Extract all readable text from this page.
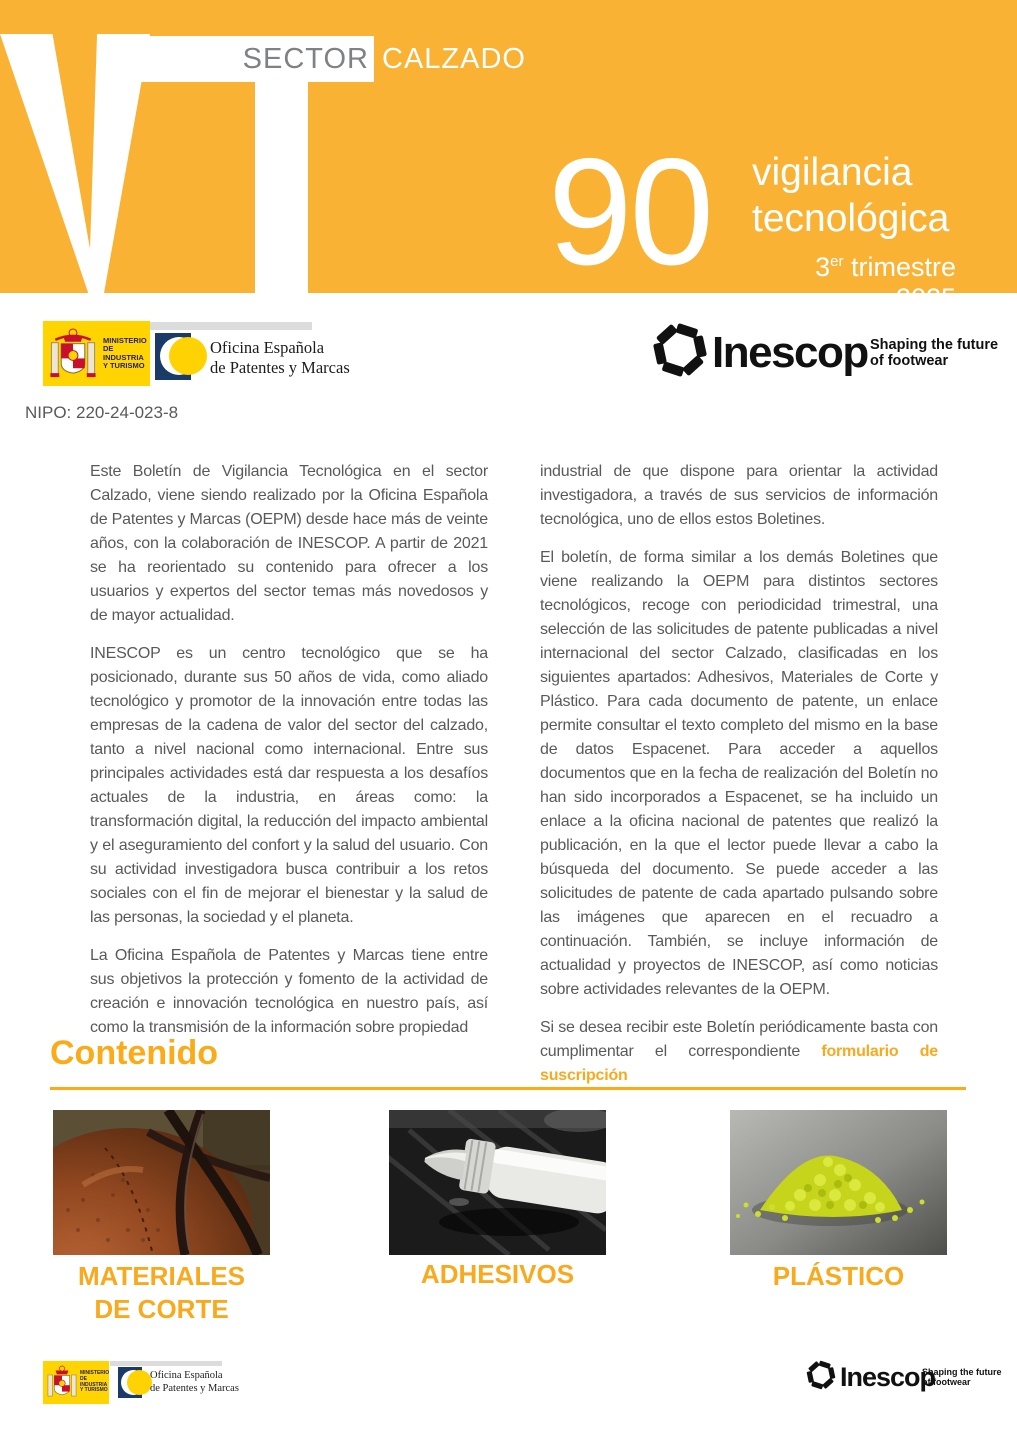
SECTOR CALZADO
90 vigilancia
tecnológica
3er trimestre 2025
MINISTERIO
DE INDUSTRIA
Y TURISMO
Oficina Española
de Patentes y Marcas	Inescop Shaping the future
of footwear
NIPO: 220-24-023-8

Este Boletín de Vigilancia Tecnológica en el sector Calzado, viene siendo realizado por la Oficina Española de Patentes y Marcas (OEPM) desde hace más de veinte años, con la colaboración de INESCOP. A partir de 2021 se ha reorientado su contenido para ofrecer a los usuarios y expertos del sector temas más novedosos y de mayor actualidad.

INESCOP es un centro tecnológico que se ha posicionado, durante sus 50 años de vida, como aliado tecnológico y promotor de la innovación entre todas las empresas de la cadena de valor del sector del calzado, tanto a nivel nacional como internacional. Entre sus principales actividades está dar respuesta a los desafíos actuales de la industria, en áreas como: la transformación digital, la reducción del impacto ambiental y el aseguramiento del confort y la salud del usuario. Con su actividad investigadora busca contribuir a los retos sociales con el fin de mejorar el bienestar y la salud de las personas, la sociedad y el planeta.

La Oficina Española de Patentes y Marcas tiene entre sus objetivos la protección y fomento de la actividad de creación e innovación tecnológica en nuestro país, así como la transmisión de la información sobre propiedad

industrial de que dispone para orientar la actividad investigadora, a través de sus servicios de información tecnológica, uno de ellos estos Boletines.

El boletín, de forma similar a los demás Boletines que viene realizando la OEPM para distintos sectores tecnológicos, recoge con periodicidad trimestral, una selección de las solicitudes de patente publicadas a nivel internacional del sector Calzado, clasificadas en los siguientes apartados: Adhesivos, Materiales de Corte y Plástico. Para cada documento de patente, un enlace permite consultar el texto completo del mismo en la base de datos Espacenet. Para acceder a aquellos documentos que en la fecha de realización del Boletín no han sido incorporados a Espacenet, se ha incluido un enlace a la oficina nacional de patentes que realizó la publicación, en la que el lector puede llevar a cabo la búsqueda del documento. Se puede acceder a las solicitudes de patente de cada apartado pulsando sobre las imágenes que aparecen en el recuadro a continuación. También, se incluye información de actualidad y proyectos de INESCOP, así como noticias sobre actividades relevantes de la OEPM.

Si se desea recibir este Boletín periódicamente basta con cumplimentar el correspondiente formulario de suscripción

Contenido
MATERIALES
DE CORTE
ADHESIVOS	PLÁSTICO
MINISTERIO
DE INDUSTRIA
Y TURISMO
Oficina Española
de Patentes y Marcas	Inescop
Shaping the future
of footwear
